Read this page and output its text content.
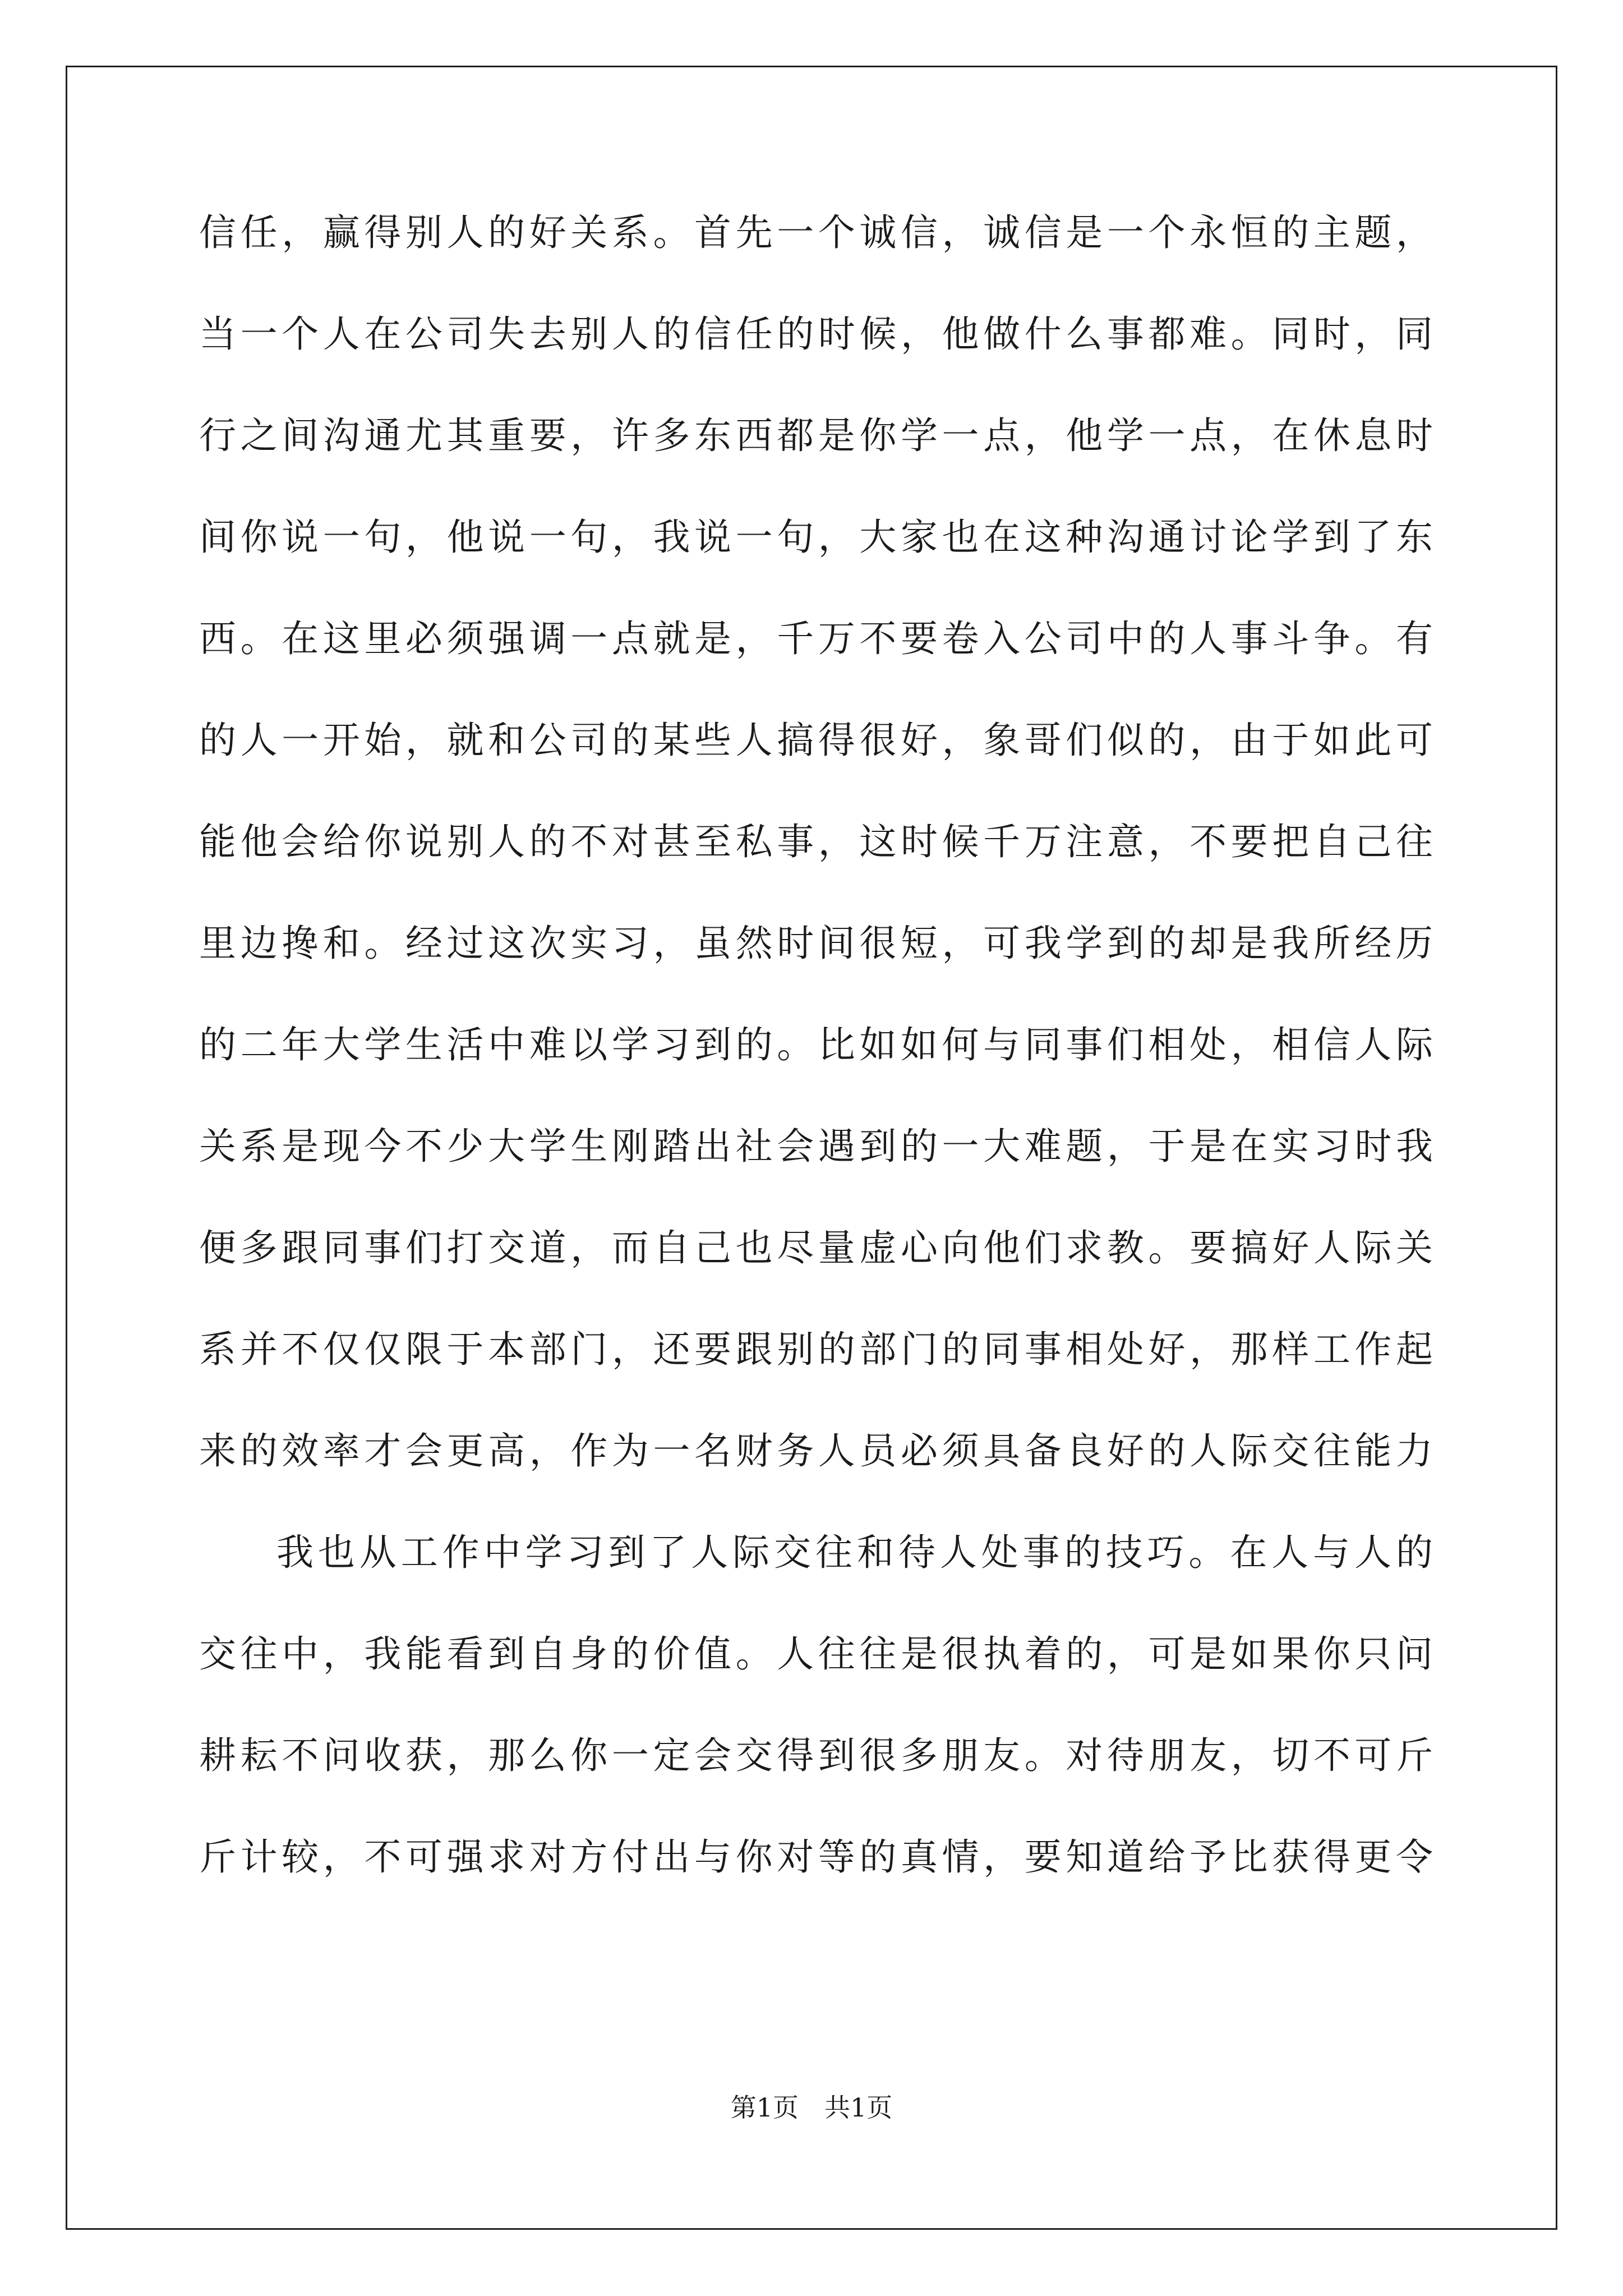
信任，赢得别人的好关系。首先一个诚信，诚信是一个永恒的主题，
当一个人在公司失去别人的信任的时候，他做什么事都难。同时，同
行之间沟通尤其重要，许多东西都是你学一点，他学一点，在休息时
间你说一句，他说一句，我说一句，大家也在这种沟通讨论学到了东
西。在这里必须强调一点就是，千万不要卷入公司中的人事斗争。有
的人一开始，就和公司的某些人搞得很好，象哥们似的，由于如此可
能他会给你说别人的不对甚至私事，这时候千万注意，不要把自己往
里边搀和。经过这次实习，虽然时间很短，可我学到的却是我所经历
的二年大学生活中难以学习到的。比如如何与同事们相处，相信人际
关系是现今不少大学生刚踏出社会遇到的一大难题，于是在实习时我
便多跟同事们打交道，而自己也尽量虚心向他们求教。要搞好人际关
系并不仅仅限于本部门，还要跟别的部门的同事相处好，那样工作起
来的效率才会更高，作为一名财务人员必须具备良好的人际交往能力
我也从工作中学习到了人际交往和待人处事的技巧。在人与人的
交往中，我能看到自身的价值。人往往是很执着的，可是如果你只问
耕耘不问收获，那么你一定会交得到很多朋友。对待朋友，切不可斤
斤计较，不可强求对方付出与你对等的真情，要知道给予比获得更令
第1页　共1页
